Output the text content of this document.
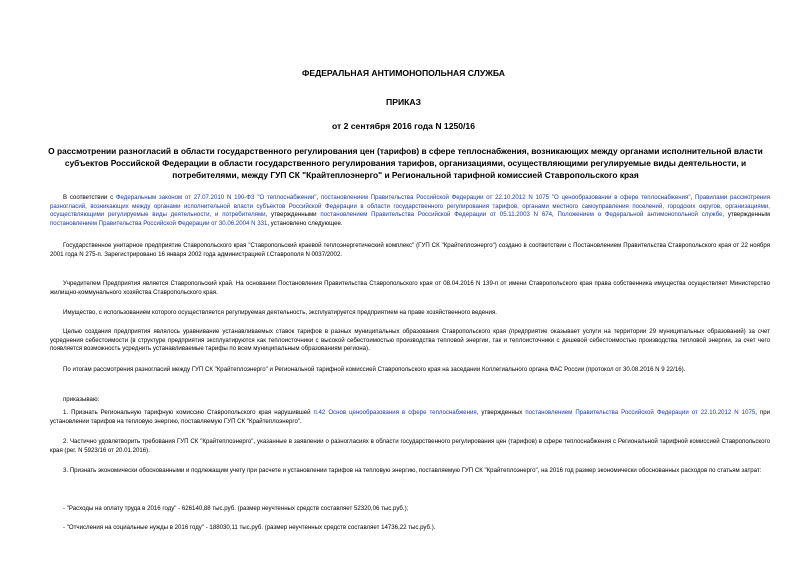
ФЕДЕРАЛЬНАЯ АНТИМОНОПОЛЬНАЯ СЛУЖБА
ПРИКАЗ
от 2 сентября 2016 года N 1250/16
О рассмотрении разногласий в области государственного регулирования цен (тарифов) в сфере теплоснабжения, возникающих между органами исполнительной власти субъектов Российской Федерации в области государственного регулирования тарифов, организациями, осуществляющими регулируемые виды деятельности, и потребителями, между ГУП СК "Крайтеплоэнерго" и Региональной тарифной комиссией Ставропольского края
В соответствии с Федеральным законом от 27.07.2010 N 190-ФЗ "О теплоснабжении", постановлением Правительства Российской Федерации от 22.10.2012 N 1075 "О ценообразовании в сфере теплоснабжения", Правилами рассмотрения разногласий, возникающих между органами исполнительной власти субъектов Российской Федерации в области государственного регулирования тарифов, органами местного самоуправления поселений, городских округов, организациями, осуществляющими регулируемые виды деятельности, и потребителями, утвержденными постановлением Правительства Российской Федерации от 05.11.2003 N 674, Положением о Федеральной антимонопольной службе, утвержденным постановлением Правительства Российской Федерации от 30.06.2004 N 331, установлено следующее.
Государственное унитарное предприятие Ставропольского края "Ставропольский краевой теплоэнергетический комплекс" (ГУП СК "Крайтеплоэнерго") создано в соответствии с Постановлением Правительства Ставропольского края от 22 ноября 2001 года N 275-п. Зарегистрировано 16 января 2002 года администрацией г.Ставрополя N 0037/2002.
Учредителем Предприятия является Ставропольский край. На основании Постановления Правительства Ставропольского края от 08.04.2016 N 139-п от имени Ставропольского края права собственника имущества осуществляет Министерство жилищно-коммунального хозяйства Ставропольского края.
Имущество, с использованием которого осуществляется регулируемая деятельность, эксплуатируется предприятием на праве хозяйственного ведения.
Целью создания предприятия являлось уравнивание устанавливаемых ставок тарифов в разных муниципальных образования Ставропольского края (предприятие оказывает услуги на территории 29 муниципальных образований) за счет усреднения себестоимости (в структуре предприятия эксплуатируются как теплоисточники с высокой себестоимостью производства тепловой энергии, так и теплоисточники с дешевой себестоимостью производства тепловой энергии, за счет чего появляется возможность усреднить устанавливаемые тарифы по всем муниципальным образованиям региона).
По итогам рассмотрения разногласий между ГУП СК "Крайтеплоэнерго" и Региональной тарифной комиссией Ставропольского края на заседании Коллегиального органа ФАС России (протокол от 30.08.2016 N 9 22/16).
приказываю:
1. Признать Региональную тарифную комиссию Ставропольского края нарушившей п.42 Основ ценообразования в сфере теплоснабжения, утвержденных постановлением Правительства Российской Федерации от 22.10.2012 N 1075, при установлении тарифов на тепловую энергию, поставляемую ГУП СК "Крайтеплоэнерго".
2. Частично удовлетворить требования ГУП СК "Крайтеплоэнерго", указанные в заявлении о разногласиях в области государственного регулирования цен (тарифов) в сфере теплоснабжения с Региональной тарифной комиссией Ставропольского края (рег. N 5923/16 от 20.01.2016).
3. Признать экономически обоснованными и подлежащим учету при расчете и установлении тарифов на тепловую энергию, поставляемую ГУП СК "Крайтеплоэнерго", на 2016 год размер экономически обоснованных расходов по статьям затрат:
- "Расходы на оплату труда в 2016 году" - 626140,88 тыс.руб. (размер неучтенных средств составляет 52320,06 тыс.руб.);
- "Отчисления на социальные нужды в 2016 году" - 188030,11 тыс.руб. (размер неучтенных средств составляет 14736,22 тыс.руб.).
